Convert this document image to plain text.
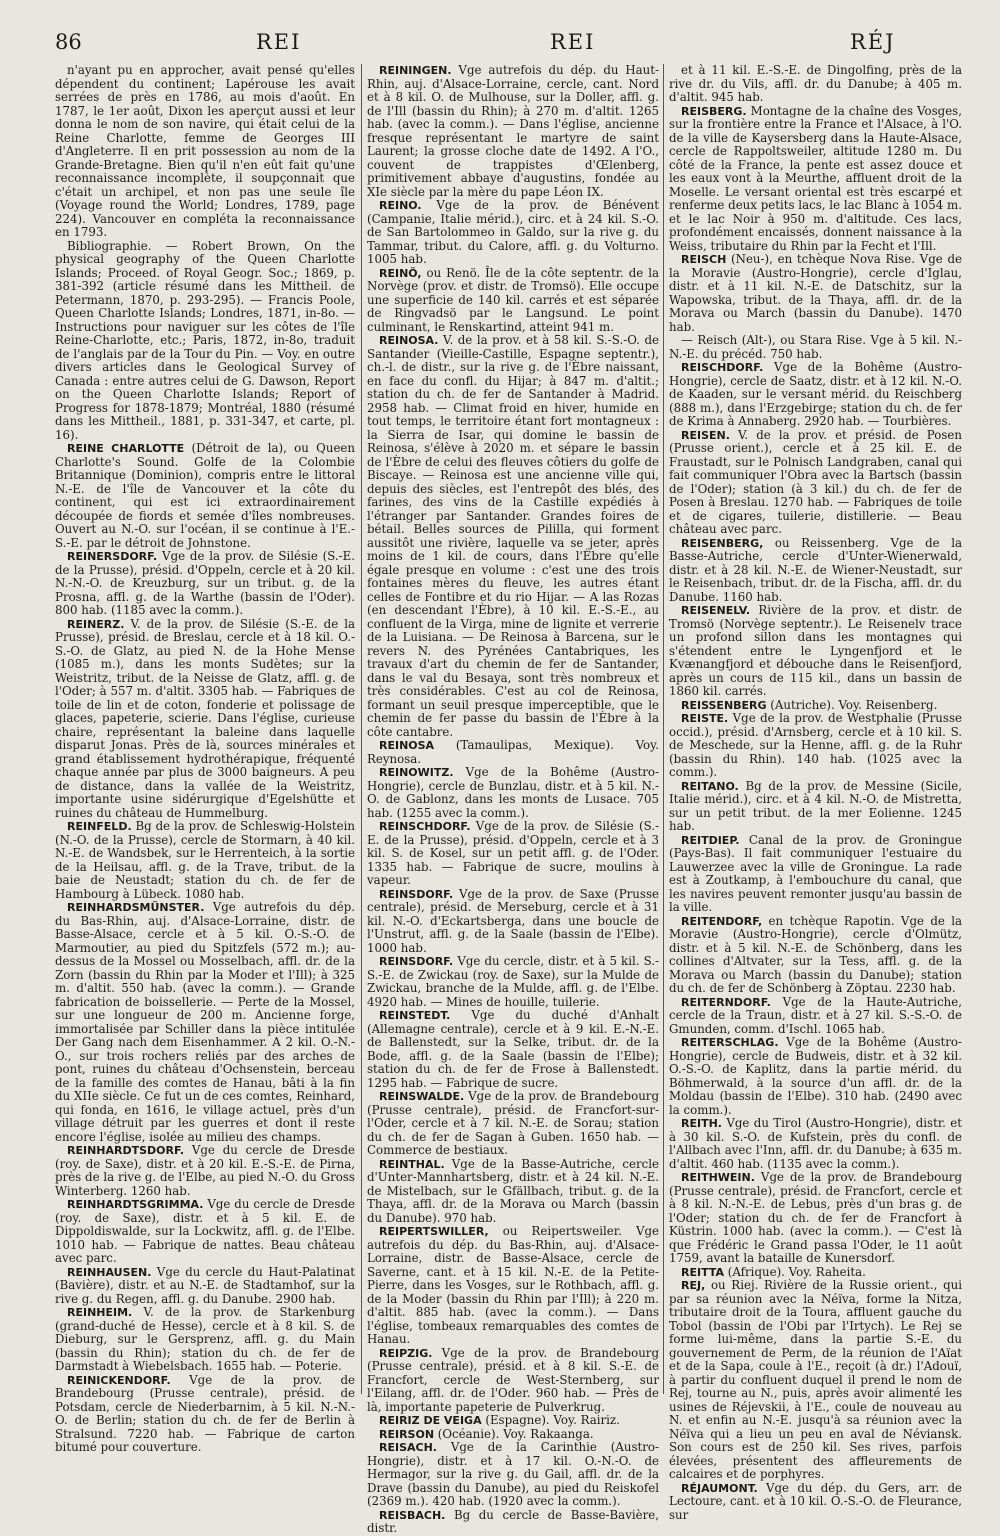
86	REI	REI	RÉJ

n'ayant pu en approcher, avait pensé qu'elles dépendent du continent; Lapérouse les avait serrées de près en 1786, au mois d'août. En 1787, le 1er août, Dixon les aperçut aussi et leur donna le nom de son navire, qui était celui de la Reine Charlotte, femme de Georges III d'Angleterre. Il en prit possession au nom de la Grande-Bretagne. Bien qu'il n'en eût fait qu'une reconnaissance incomplète, il soupçonnait que c'était un archipel, et non pas une seule île (Voyage round the World; Londres, 1789, page 224). Vancouver en compléta la reconnaissance en 1793.

Bibliographie. — Robert Brown, On the physical geography of the Queen Charlotte Islands; Proceed. of Royal Geogr. Soc.; 1869, p. 381-392 (article résumé dans les Mittheil. de Petermann, 1870, p. 293-295). — Francis Poole, Queen Charlotte Islands; Londres, 1871, in-8o. — Instructions pour naviguer sur les côtes de l'île Reine-Charlotte, etc.; Paris, 1872, in-8o, traduit de l'anglais par de la Tour du Pin. — Voy. en outre divers articles dans le Geological Survey of Canada : entre autres celui de G. Dawson, Report on the Queen Charlotte Islands; Report of Progress for 1878-1879; Montréal, 1880 (résumé dans les Mittheil., 1881, p. 331-347, et carte, pl. 16).

REINE CHARLOTTE (Détroit de la), ou Queen Charlotte's Sound. Golfe de la Colombie Britannique (Dominion), compris entre le littoral N.-E. de l'île de Vancouver et la côte du continent, qui est ici extraordinairement découpée de fiords et semée d'îles nombreuses. Ouvert au N.-O. sur l'océan, il se continue à l'E.-S.-E. par le détroit de Johnstone.

REINERSDORF. Vge de la prov. de Silésie (S.-E. de la Prusse), présid. d'Oppeln, cercle et à 20 kil. N.-N.-O. de Kreuzburg, sur un tribut. g. de la Prosna, affl. g. de la Warthe (bassin de l'Oder). 800 hab. (1185 avec la comm.).

REINERZ. V. de la prov. de Silésie (S.-E. de la Prusse), présid. de Breslau, cercle et à 18 kil. O.-S.-O. de Glatz, au pied N. de la Hohe Mense (1085 m.), dans les monts Sudètes; sur la Weistritz, tribut. de la Neisse de Glatz, affl. g. de l'Oder; à 557 m. d'altit. 3305 hab. — Fabriques de toile de lin et de coton, fonderie et polissage de glaces, papeterie, scierie. Dans l'église, curieuse chaire, représentant la baleine dans laquelle disparut Jonas. Près de là, sources minérales et grand établissement hydrothérapique, fréquenté chaque année par plus de 3000 baigneurs. A peu de distance, dans la vallée de la Weistritz, importante usine sidérurgique d'Egelshütte et ruines du château de Hummelburg.

REINFELD. Bg de la prov. de Schleswig-Holstein (N.-O. de la Prusse), cercle de Stormarn, à 40 kil. N.-E. de Wandsbek, sur le Herrenteich, à la sortie de la Heilsau, affl. g. de la Trave, tribut. de la baie de Neustadt; station du ch. de fer de Hambourg à Lübeck. 1080 hab.

REINHARDSMÜNSTER. Vge autrefois du dép. du Bas-Rhin, auj. d'Alsace-Lorraine, distr. de Basse-Alsace, cercle et à 5 kil. O.-S.-O. de Marmoutier, au pied du Spitzfels (572 m.); au-dessus de la Mossel ou Mosselbach, affl. dr. de la Zorn (bassin du Rhin par la Moder et l'Ill); à 325 m. d'altit. 550 hab. (avec la comm.). — Grande fabrication de boissellerie. — Perte de la Mossel, sur une longueur de 200 m. Ancienne forge, immortalisée par Schiller dans la pièce intitulée Der Gang nach dem Eisenhammer. A 2 kil. O.-N.-O., sur trois rochers reliés par des arches de pont, ruines du château d'Ochsenstein, berceau de la famille des comtes de Hanau, bâti à la fin du XIIe siècle. Ce fut un de ces comtes, Reinhard, qui fonda, en 1616, le village actuel, près d'un village détruit par les guerres et dont il reste encore l'église, isolée au milieu des champs.

REINHARDTSDORF. Vge du cercle de Dresde (roy. de Saxe), distr. et à 20 kil. E.-S.-E. de Pirna, près de la rive g. de l'Elbe, au pied N.-O. du Gross Winterberg. 1260 hab.

REINHARDTSGRIMMA. Vge du cercle de Dresde (roy. de Saxe), distr. et à 5 kil. E. de Dippoldiswalde, sur la Lockwitz, affl. g. de l'Elbe. 1010 hab. — Fabrique de nattes. Beau château avec parc.

REINHAUSEN. Vge du cercle du Haut-Palatinat (Bavière), distr. et au N.-E. de Stadtamhof, sur la rive g. du Regen, affl. g. du Danube. 2900 hab.

REINHEIM. V. de la prov. de Starkenburg (grand-duché de Hesse), cercle et à 8 kil. S. de Dieburg, sur le Gersprenz, affl. g. du Main (bassin du Rhin); station du ch. de fer de Darmstadt à Wiebelsbach. 1655 hab. — Poterie.

REINICKENDORF. Vge de la prov. de Brandebourg (Prusse centrale), présid. de Potsdam, cercle de Niederbarnim, à 5 kil. N.-N.-O. de Berlin; station du ch. de fer de Berlin à Stralsund. 7220 hab. — Fabrique de carton bitumé pour couverture.

REININGEN. Vge autrefois du dép. du Haut-Rhin, auj. d'Alsace-Lorraine, cercle, cant. Nord et à 8 kil. O. de Mulhouse, sur la Doller, affl. g. de l'Ill (bassin du Rhin); à 270 m. d'altit. 1265 hab. (avec la comm.). — Dans l'église, ancienne fresque représentant le martyre de saint Laurent; la grosse cloche date de 1492. A l'O., couvent de trappistes d'Œlenberg, primitivement abbaye d'augustins, fondée au XIe siècle par la mère du pape Léon IX.

REINO. Vge de la prov. de Bénévent (Campanie, Italie mérid.), circ. et à 24 kil. S.-O. de San Bartolommeo in Galdo, sur la rive g. du Tammar, tribut. du Calore, affl. g. du Volturno. 1005 hab.

REINÖ, ou Renö. Île de la côte septentr. de la Norvège (prov. et distr. de Tromsö). Elle occupe une superficie de 140 kil. carrés et est séparée de Ringvadsö par le Langsund. Le point culminant, le Renskartind, atteint 941 m.

REINOSA. V. de la prov. et à 58 kil. S.-S.-O. de Santander (Vieille-Castille, Espagne septentr.), ch.-l. de distr., sur la rive g. de l'Èbre naissant, en face du confl. du Hijar; à 847 m. d'altit.; station du ch. de fer de Santander à Madrid. 2958 hab. — Climat froid en hiver, humide en tout temps, le territoire étant fort montagneux : la Sierra de Isar, qui domine le bassin de Reinosa, s'élève à 2020 m. et sépare le bassin de l'Èbre de celui des fleuves côtiers du golfe de Biscaye. — Reinosa est une ancienne ville qui, depuis des siècles, est l'entrepôt des blés, des farines, des vins de la Castille expédiés à l'étranger par Santander. Grandes foires de bétail. Belles sources de Pililla, qui forment aussitôt une rivière, laquelle va se jeter, après moins de 1 kil. de cours, dans l'Èbre qu'elle égale presque en volume : c'est une des trois fontaines mères du fleuve, les autres étant celles de Fontibre et du rio Hijar. — A las Rozas (en descendant l'Èbre), à 10 kil. E.-S.-E., au confluent de la Virga, mine de lignite et verrerie de la Luisiana. — De Reinosa à Barcena, sur le revers N. des Pyrénées Cantabriques, les travaux d'art du chemin de fer de Santander, dans le val du Besaya, sont très nombreux et très considérables. C'est au col de Reinosa, formant un seuil presque imperceptible, que le chemin de fer passe du bassin de l'Èbre à la côte cantabre.

REINOSA (Tamaulipas, Mexique). Voy. Reynosa.

REINOWITZ. Vge de la Bohême (Austro-Hongrie), cercle de Bunzlau, distr. et à 5 kil. N.-O. de Gablonz, dans les monts de Lusace. 705 hab. (1255 avec la comm.).

REINSCHDORF. Vge de la prov. de Silésie (S.-E. de la Prusse), présid. d'Oppeln, cercle et à 3 kil. S. de Kosel, sur un petit affl. g. de l'Oder. 1335 hab. — Fabrique de sucre, moulins à vapeur.

REINSDORF. Vge de la prov. de Saxe (Prusse centrale), présid. de Merseburg, cercle et à 31 kil. N.-O. d'Eckartsberga, dans une boucle de l'Unstrut, affl. g. de la Saale (bassin de l'Elbe). 1000 hab.

REINSDORF. Vge du cercle, distr. et à 5 kil. S.-S.-E. de Zwickau (roy. de Saxe), sur la Mulde de Zwickau, branche de la Mulde, affl. g. de l'Elbe. 4920 hab. — Mines de houille, tuilerie.

REINSTEDT. Vge du duché d'Anhalt (Allemagne centrale), cercle et à 9 kil. E.-N.-E. de Ballenstedt, sur la Selke, tribut. dr. de la Bode, affl. g. de la Saale (bassin de l'Elbe); station du ch. de fer de Frose à Ballenstedt. 1295 hab. — Fabrique de sucre.

REINSWALDE. Vge de la prov. de Brandebourg (Prusse centrale), présid. de Francfort-sur-l'Oder, cercle et à 7 kil. N.-E. de Sorau; station du ch. de fer de Sagan à Guben. 1650 hab. — Commerce de bestiaux.

REINTHAL. Vge de la Basse-Autriche, cercle d'Unter-Mannhartsberg, distr. et à 24 kil. N.-E. de Mistelbach, sur le Gfällbach, tribut. g. de la Thaya, affl. dr. de la Morava ou March (bassin du Danube). 970 hab.

REIPERTSWILLER, ou Reipertsweiler. Vge autrefois du dép. du Bas-Rhin, auj. d'Alsace-Lorraine, distr. de Basse-Alsace, cercle de Saverne, cant. et à 15 kil. N.-E. de la Petite-Pierre, dans les Vosges, sur le Rothbach, affl. g. de la Moder (bassin du Rhin par l'Ill); à 220 m. d'altit. 885 hab. (avec la comm.). — Dans l'église, tombeaux remarquables des comtes de Hanau.

REIPZIG. Vge de la prov. de Brandebourg (Prusse centrale), présid. et à 8 kil. S.-E. de Francfort, cercle de West-Sternberg, sur l'Eilang, affl. dr. de l'Oder. 960 hab. — Près de là, importante papeterie de Pulverkrug.

REIRIZ DE VEIGA (Espagne). Voy. Rairiz.

REIRSON (Océanie). Voy. Rakaanga.

REISACH. Vge de la Carinthie (Austro-Hongrie), distr. et à 17 kil. O.-N.-O. de Hermagor, sur la rive g. du Gail, affl. dr. de la Drave (bassin du Danube), au pied du Reiskofel (2369 m.). 420 hab. (1920 avec la comm.).

REISBACH. Bg du cercle de Basse-Bavière, distr.

et à 11 kil. E.-S.-E. de Dingolfing, près de la rive dr. du Vils, affl. dr. du Danube; à 405 m. d'altit. 945 hab.

REISBERG. Montagne de la chaîne des Vosges, sur la frontière entre la France et l'Alsace, à l'O. de la ville de Kaysersberg dans la Haute-Alsace, cercle de Rappoltsweiler, altitude 1280 m. Du côté de la France, la pente est assez douce et les eaux vont à la Meurthe, affluent droit de la Moselle. Le versant oriental est très escarpé et renferme deux petits lacs, le lac Blanc à 1054 m. et le lac Noir à 950 m. d'altitude. Ces lacs, profondément encaissés, donnent naissance à la Weiss, tributaire du Rhin par la Fecht et l'Ill.

REISCH (Neu-), en tchèque Nova Rise. Vge de la Moravie (Austro-Hongrie), cercle d'Iglau, distr. et à 11 kil. N.-E. de Datschitz, sur la Wapowska, tribut. de la Thaya, affl. dr. de la Morava ou March (bassin du Danube). 1470 hab.

— Reisch (Alt-), ou Stara Rise. Vge à 5 kil. N.-N.-E. du précéd. 750 hab.

REISCHDORF. Vge de la Bohême (Austro-Hongrie), cercle de Saatz, distr. et à 12 kil. N.-O. de Kaaden, sur le versant mérid. du Reischberg (888 m.), dans l'Erzgebirge; station du ch. de fer de Krima à Annaberg. 2920 hab. — Tourbières.

REISEN. V. de la prov. et présid. de Posen (Prusse orient.), cercle et à 25 kil. E. de Fraustadt, sur le Polnisch Landgraben, canal qui fait communiquer l'Obra avec la Bartsch (bassin de l'Oder); station (à 3 kil.) du ch. de fer de Posen à Breslau. 1270 hab. — Fabriques de toile et de cigares, tuilerie, distillerie. — Beau château avec parc.

REISENBERG, ou Reissenberg. Vge de la Basse-Autriche, cercle d'Unter-Wienerwald, distr. et à 28 kil. N.-E. de Wiener-Neustadt, sur le Reisenbach, tribut. dr. de la Fischa, affl. dr. du Danube. 1160 hab.

REISENELV. Rivière de la prov. et distr. de Tromsö (Norvège septentr.). Le Reisenelv trace un profond sillon dans les montagnes qui s'étendent entre le Lyngenfjord et le Kvænangfjord et débouche dans le Reisenfjord, après un cours de 115 kil., dans un bassin de 1860 kil. carrés.

REISSENBERG (Autriche). Voy. Reisenberg.

REISTE. Vge de la prov. de Westphalie (Prusse occid.), présid. d'Arnsberg, cercle et à 10 kil. S. de Meschede, sur la Henne, affl. g. de la Ruhr (bassin du Rhin). 140 hab. (1025 avec la comm.).

REITANO. Bg de la prov. de Messine (Sicile, Italie mérid.), circ. et à 4 kil. N.-O. de Mistretta, sur un petit tribut. de la mer Eolienne. 1245 hab.

REITDIEP. Canal de la prov. de Groningue (Pays-Bas). Il fait communiquer l'estuaire du Lauwerzee avec la ville de Groningue. La rade est à Zoutkamp, à l'embouchure du canal, que les navires peuvent remonter jusqu'au bassin de la ville.

REITENDORF, en tchèque Rapotin. Vge de la Moravie (Austro-Hongrie), cercle d'Olmütz, distr. et à 5 kil. N.-E. de Schönberg, dans les collines d'Altvater, sur la Tess, affl. g. de la Morava ou March (bassin du Danube); station du ch. de fer de Schönberg à Zöptau. 2230 hab.

REITERNDORF. Vge de la Haute-Autriche, cercle de la Traun, distr. et à 27 kil. S.-S.-O. de Gmunden, comm. d'Ischl. 1065 hab.

REITERSCHLAG. Vge de la Bohême (Austro-Hongrie), cercle de Budweis, distr. et à 32 kil. O.-S.-O. de Kaplitz, dans la partie mérid. du Böhmerwald, à la source d'un affl. dr. de la Moldau (bassin de l'Elbe). 310 hab. (2490 avec la comm.).

REITH. Vge du Tirol (Austro-Hongrie), distr. et à 30 kil. S.-O. de Kufstein, près du confl. de l'Allbach avec l'Inn, affl. dr. du Danube; à 635 m. d'altit. 460 hab. (1135 avec la comm.).

REITHWEIN. Vge de la prov. de Brandebourg (Prusse centrale), présid. de Francfort, cercle et à 8 kil. N.-N.-E. de Lebus, près d'un bras g. de l'Oder; station du ch. de fer de Francfort à Küstrin. 1000 hab. (avec la comm.). — C'est là que Frédéric le Grand passa l'Oder, le 11 août 1759, avant la bataille de Kunersdorf.

REITTA (Afrique). Voy. Raheita.

REJ, ou Riej. Rivière de la Russie orient., qui par sa réunion avec la Néïva, forme la Nitza, tributaire droit de la Toura, affluent gauche du Tobol (bassin de l'Obi par l'Irtych). Le Rej se forme lui-même, dans la partie S.-E. du gouvernement de Perm, de la réunion de l'Aïat et de la Sapa, coule à l'E., reçoit (à dr.) l'Adouï, à partir du confluent duquel il prend le nom de Rej, tourne au N., puis, après avoir alimenté les usines de Réjevskii, à l'E., coule de nouveau au N. et enfin au N.-E. jusqu'à sa réunion avec la Néïva qui a lieu un peu en aval de Néviansk. Son cours est de 250 kil. Ses rives, parfois élevées, présentent des affleurements de calcaires et de porphyres.

RÉJAUMONT. Vge du dép. du Gers, arr. de Lectoure, cant. et à 10 kil. O.-S.-O. de Fleurance, sur
